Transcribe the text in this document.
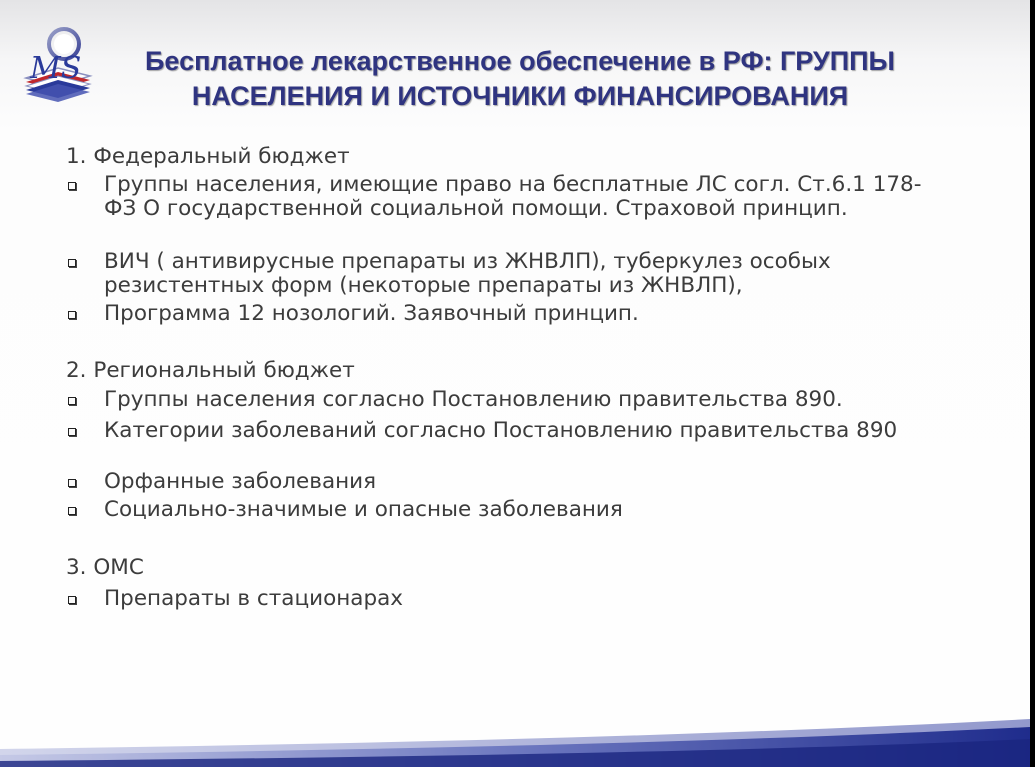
MS	Бесплатное лекарственное обеспечение в РФ: ГРУППЫ
НАСЕЛЕНИЯ И ИСТОЧНИКИ ФИНАНСИРОВАНИЯ
1. Федеральный бюджет
Группы населения, имеющие право на бесплатные ЛС согл. Ст.6.1 178-ФЗ О государственной социальной помощи. Страховой принцип.
ВИЧ ( антивирусные препараты из ЖНВЛП), туберкулез особых резистентных форм (некоторые препараты из ЖНВЛП),
Программа 12 нозологий. Заявочный принцип.
2. Региональный бюджет
Группы населения согласно Постановлению правительства 890.
Категории заболеваний согласно Постановлению правительства 890
Орфанные заболевания
Социально-значимые и опасные заболевания
3. ОМС
Препараты в стационарах
